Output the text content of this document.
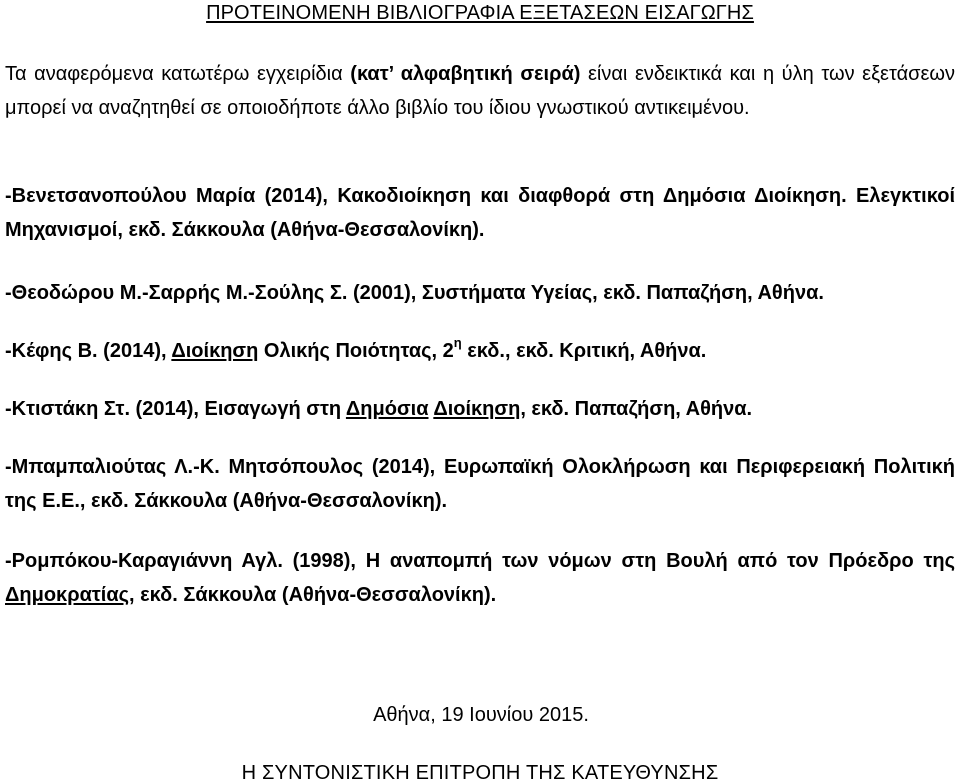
ΠΡΟΤΕΙΝΟΜΕΝΗ ΒΙΒΛΙΟΓΡΑΦΙΑ ΕΞΕΤΑΣΕΩΝ ΕΙΣΑΓΩΓΗΣ

Τα αναφερόμενα κατωτέρω εγχειρίδια (κατ’ αλφαβητική σειρά) είναι ενδεικτικά και η ύλη των εξετάσεων μπορεί να αναζητηθεί σε οποιοδήποτε άλλο βιβλίο του ίδιου γνωστικού αντικειμένου.

-Βενετσανοπούλου Μαρία (2014), Κακοδιοίκηση και διαφθορά στη Δημόσια Διοίκηση. Ελεγκτικοί Μηχανισμοί, εκδ. Σάκκουλα (Αθήνα-Θεσσαλονίκη).

-Θεοδώρου Μ.-Σαρρής Μ.-Σούλης Σ. (2001), Συστήματα Υγείας, εκδ. Παπαζήση, Αθήνα.

-Κέφης Β. (2014), Διοίκηση Ολικής Ποιότητας, $2^\eta$ εκδ., εκδ. Κριτική, Αθήνα.

-Κτιστάκη Στ. (2014), Εισαγωγή στη Δημόσια Διοίκηση, εκδ. Παπαζήση, Αθήνα.

-Μπαμπαλιούτας Λ.-Κ. Μητσόπουλος (2014), Ευρωπαϊκή Ολοκλήρωση και Περιφερειακή Πολιτική της Ε.Ε., εκδ. Σάκκουλα (Αθήνα-Θεσσαλονίκη).

-Ρομπόκου-Καραγιάννη Αγλ. (1998), Η αναπομπή των νόμων στη Βουλή από τον Πρόεδρο της Δημοκρατίας, εκδ. Σάκκουλα (Αθήνα-Θεσσαλονίκη).

Αθήνα, 19 Ιουνίου 2015.
Η ΣΥΝΤΟΝΙΣΤΙΚΗ ΕΠΙΤΡΟΠΗ ΤΗΣ ΚΑΤΕΥΘΥΝΣΗΣ
